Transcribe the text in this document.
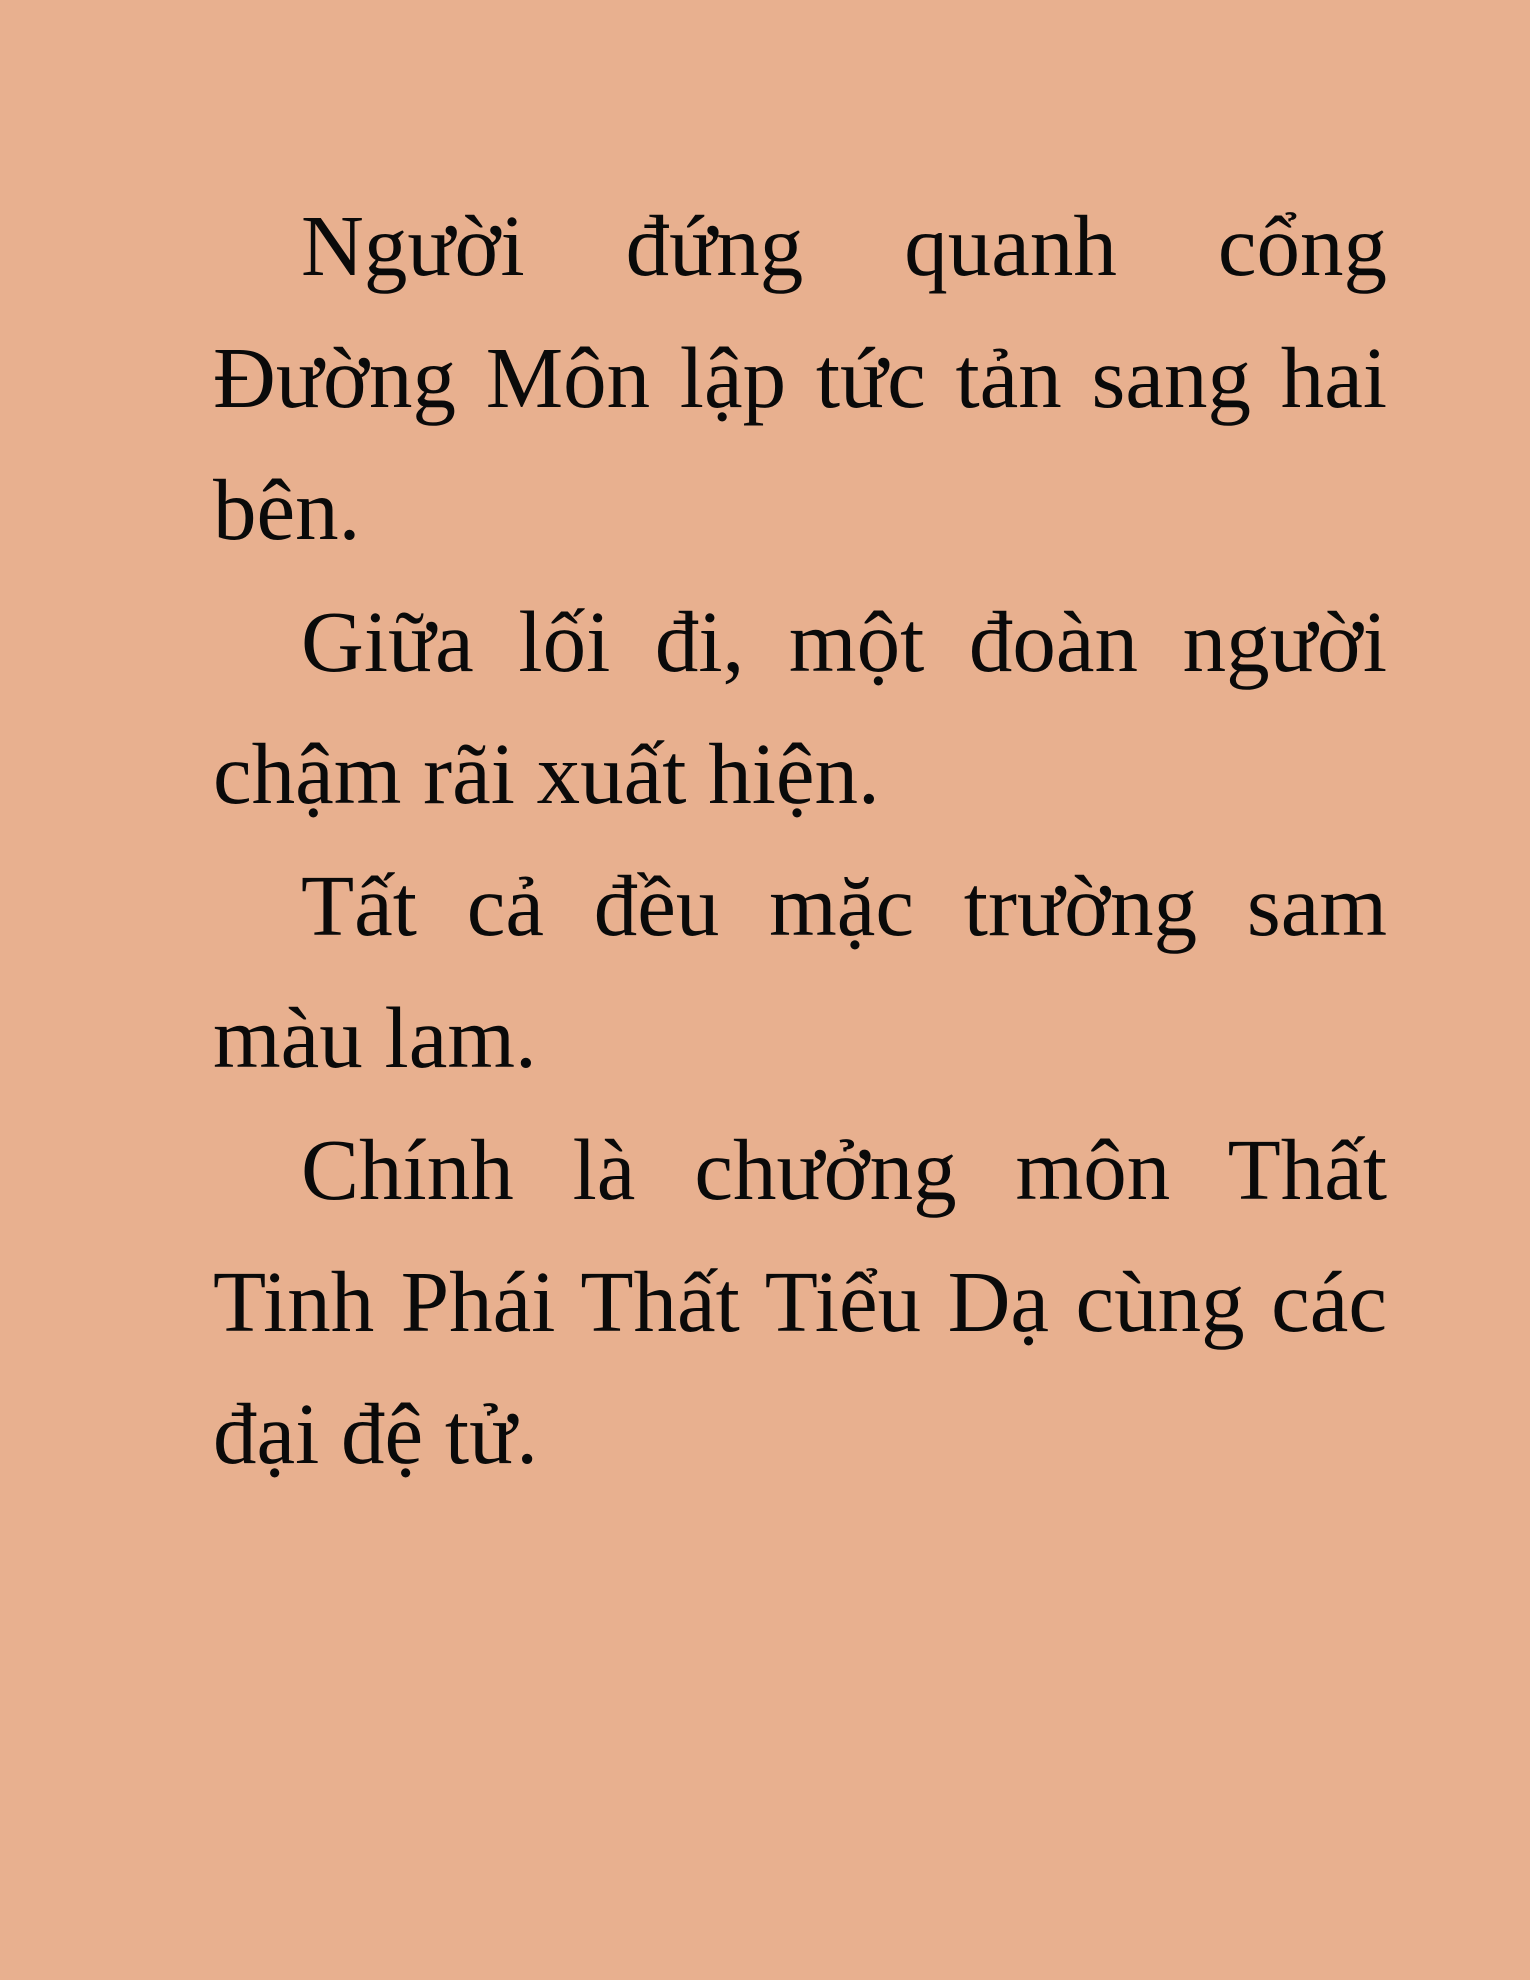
Người đứng quanh cổng Đường Môn lập tức tản sang hai bên.

Giữa lối đi, một đoàn người chậm rãi xuất hiện.

Tất cả đều mặc trường sam màu lam.

Chính là chưởng môn Thất Tinh Phái Thất Tiểu Dạ cùng các đại đệ tử.
